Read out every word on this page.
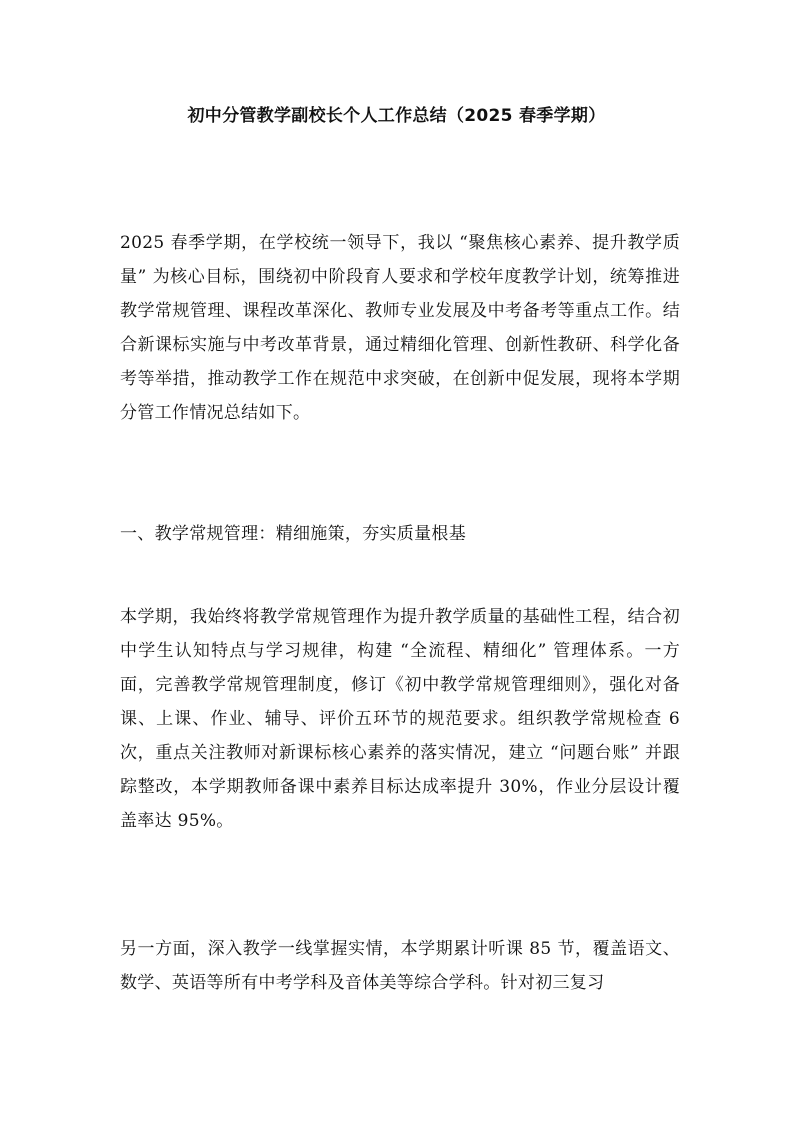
初中分管教学副校长个人工作总结（2025 春季学期）

2025 春季学期，在学校统一领导下，我以 “聚焦核心素养、提升教学质量” 为核心目标，围绕初中阶段育人要求和学校年度教学计划，统筹推进教学常规管理、课程改革深化、教师专业发展及中考备考等重点工作。结合新课标实施与中考改革背景，通过精细化管理、创新性教研、科学化备考等举措，推动教学工作在规范中求突破，在创新中促发展，现将本学期分管工作情况总结如下。

一、教学常规管理：精细施策，夯实质量根基

本学期，我始终将教学常规管理作为提升教学质量的基础性工程，结合初中学生认知特点与学习规律，构建 “全流程、精细化” 管理体系。一方面，完善教学常规管理制度，修订《初中教学常规管理细则》，强化对备课、上课、作业、辅导、评价五环节的规范要求。组织教学常规检查 6 次，重点关注教师对新课标核心素养的落实情况，建立 “问题台账” 并跟踪整改，本学期教师备课中素养目标达成率提升 30%，作业分层设计覆盖率达 95%。

另一方面，深入教学一线掌握实情，本学期累计听课 85 节，覆盖语文、数学、英语等所有中考学科及音体美等综合学科。针对初三复习
